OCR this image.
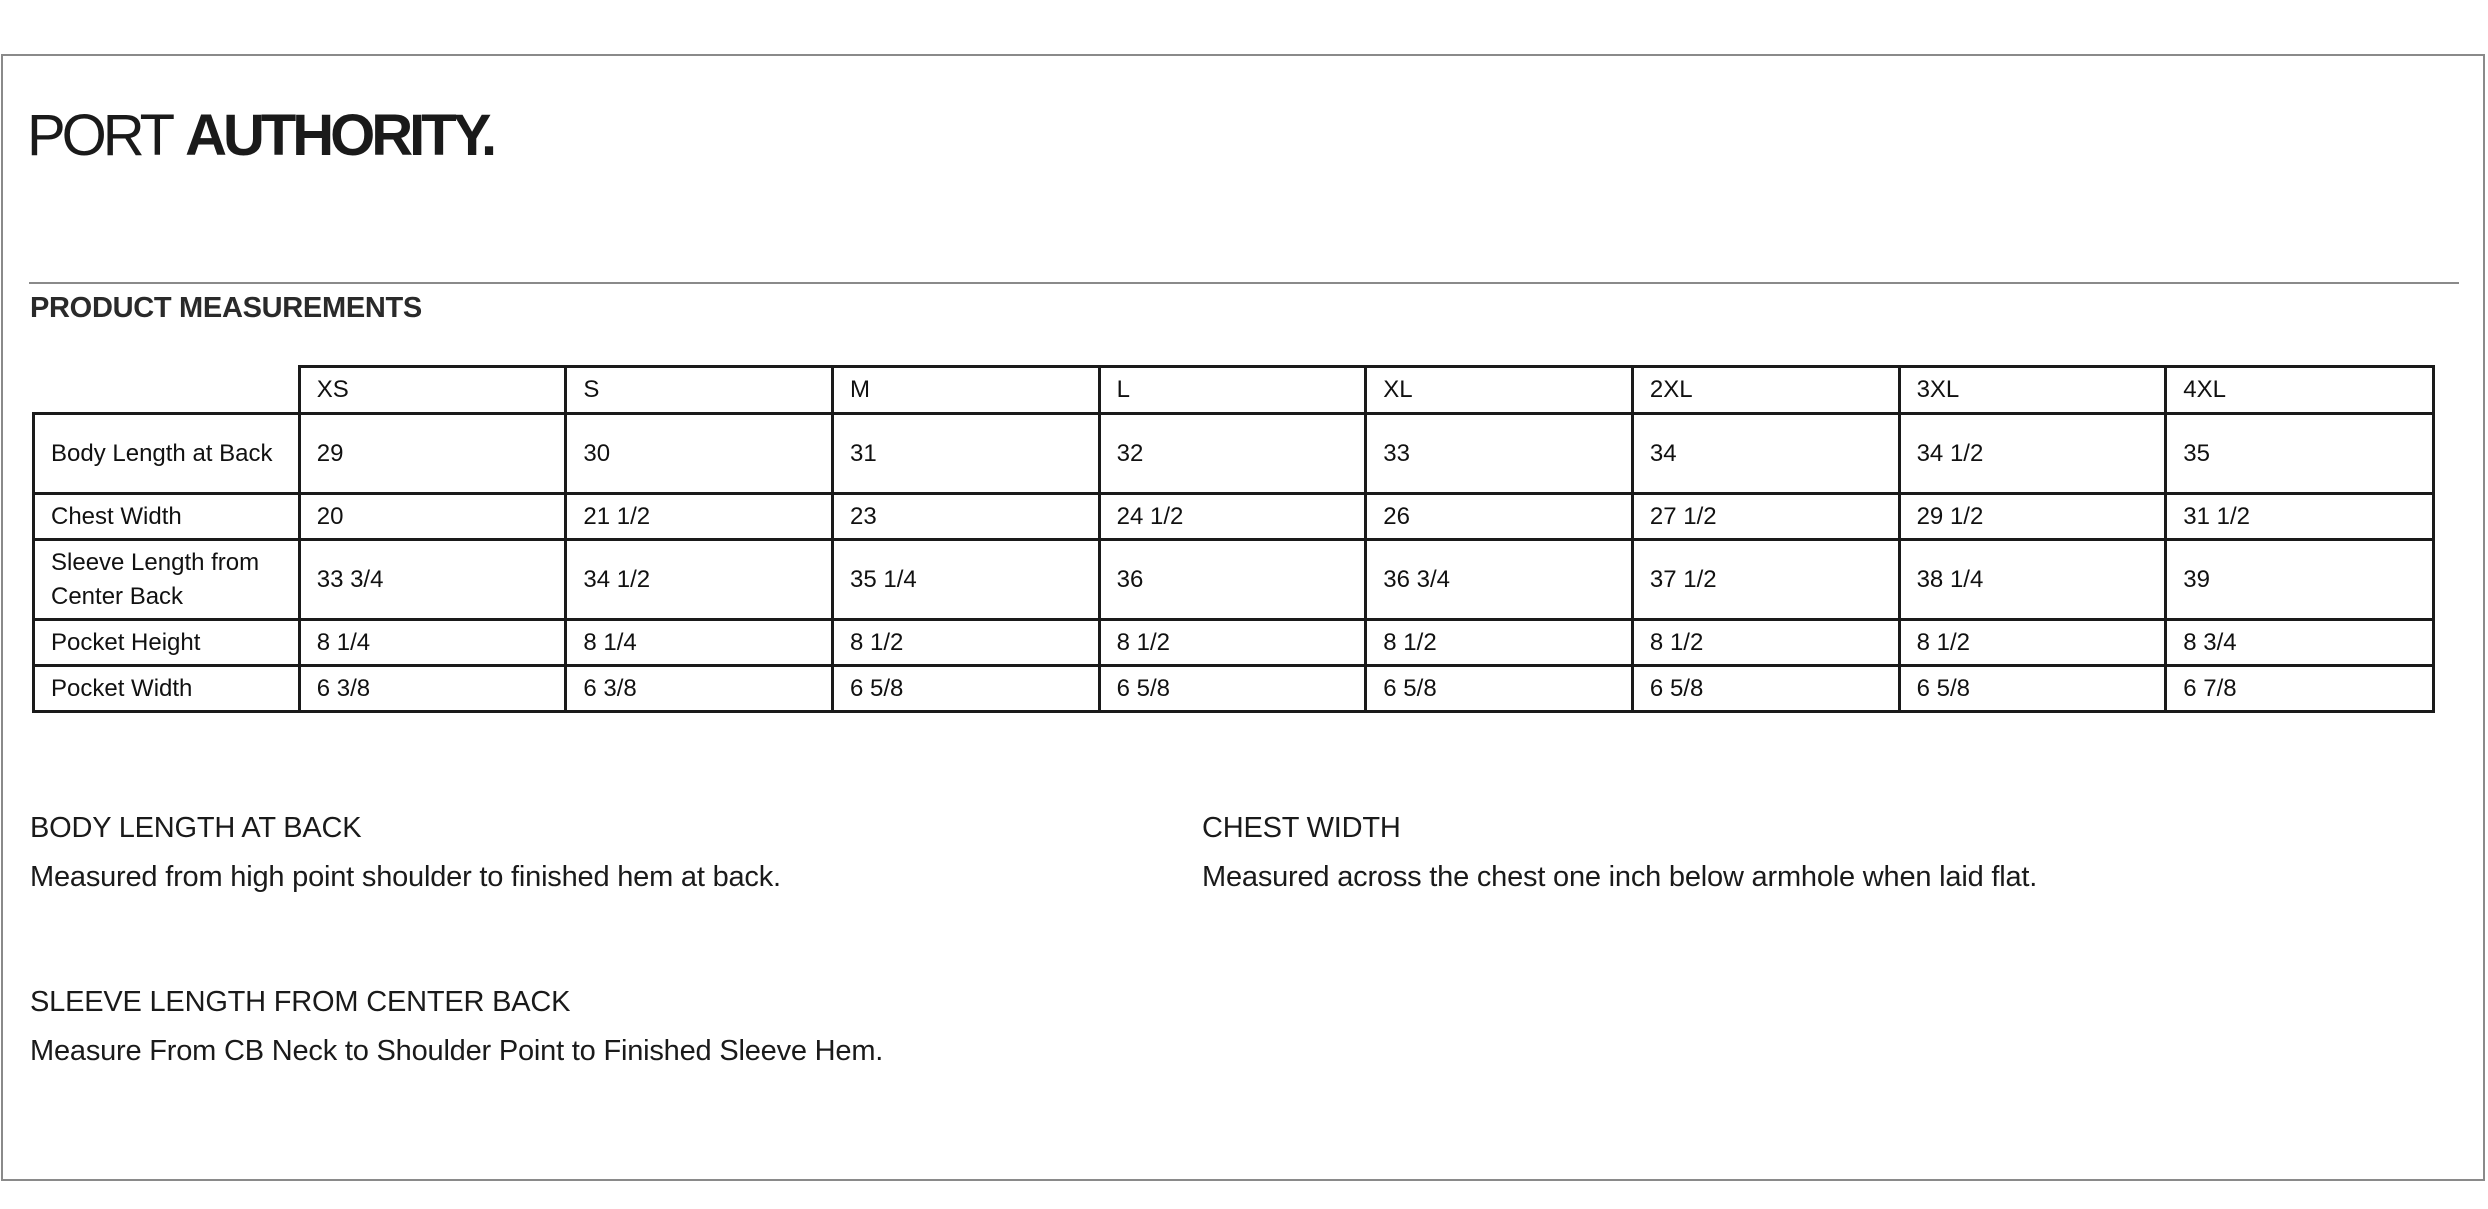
PORT AUTHORITY.
PRODUCT MEASUREMENTS
	XS	S	M	L	XL	2XL	3XL	4XL
Body Length at Back	29	30	31	32	33	34	34 1/2	35
Chest Width	20	21 1/2	23	24 1/2	26	27 1/2	29 1/2	31 1/2
Sleeve Length from Center Back	33 3/4	34 1/2	35 1/4	36	36 3/4	37 1/2	38 1/4	39
Pocket Height	8 1/4	8 1/4	8 1/2	8 1/2	8 1/2	8 1/2	8 1/2	8 3/4
Pocket Width	6 3/8	6 3/8	6 5/8	6 5/8	6 5/8	6 5/8	6 5/8	6 7/8
BODY LENGTH AT BACK
Measured from high point shoulder to finished hem at back.
CHEST WIDTH
Measured across the chest one inch below armhole when laid flat.
SLEEVE LENGTH FROM CENTER BACK
Measure From CB Neck to Shoulder Point to Finished Sleeve Hem.
